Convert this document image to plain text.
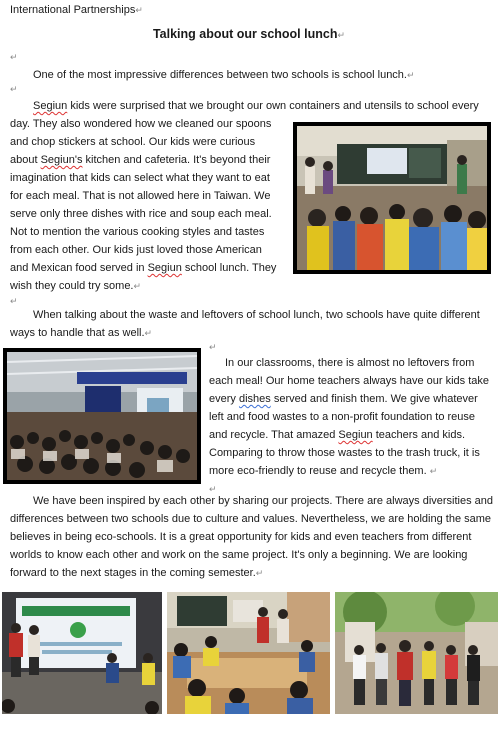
International Partnerships↵
Talking about our school lunch↵
↵
One of the most impressive differences between two schools is school lunch.↵
↵
Segiun kids were surprised that we brought our own containers and utensils to school every
day. They also wondered how we cleaned our spoons
and chop stickers at school. Our kids were curious
about Segiun's kitchen and cafeteria. It's beyond their
imagination that kids can select what they want to eat
for each meal. That is not allowed here in Taiwan. We
serve only three dishes with rice and soup each meal.
Not to mention the various cooking styles and tastes
from each other. Our kids just loved those American
and Mexican food served in Segiun school lunch. They
wish they could try some.↵
↵
When talking about the waste and leftovers of school lunch, two schools have quite different
ways to handle that as well.↵
↵
In our classrooms, there is almost no leftovers from
each meal! Our home teachers always have our kids take
every dishes served and finish them. We give whatever
left and food wastes to a non-profit foundation to reuse
and recycle. That amazed Segiun teachers and kids.
Comparing to throw those wastes to the trash truck, it is
more eco-friendly to reuse and recycle them. ↵
↵
We have been inspired by each other by sharing our projects. There are always diversities and
differences between two schools due to culture and values. Nevertheless, we are holding the same
believes in being eco-schools. It is a great opportunity for kids and even teachers from different
worlds to know each other and work on the same project. It's only a beginning. We are looking
forward to the next stages in the coming semester.↵
